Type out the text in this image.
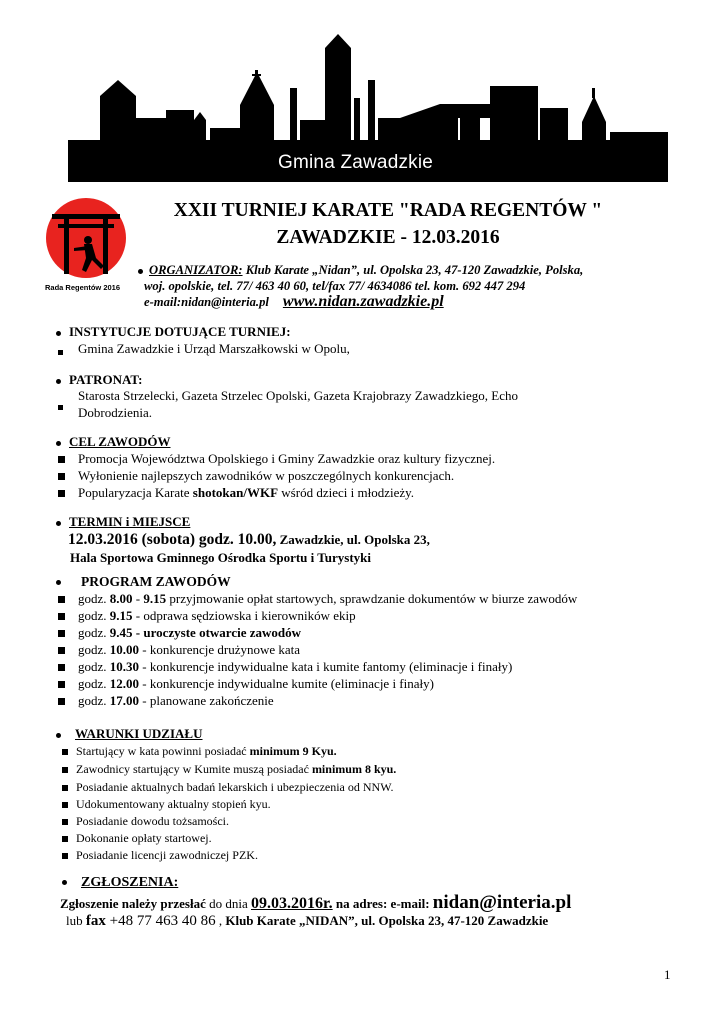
Gmina Zawadzkie
Rada Regentów 2016
XXII TURNIEJ KARATE "RADA REGENTÓW "
ZAWADZKIE - 12.03.2016
ORGANIZATOR: Klub Karate „Nidan”, ul. Opolska 23, 47-120 Zawadzkie, Polska,
woj. opolskie, tel. 77/ 463 40 60, tel/fax 77/ 4634086 tel. kom. 692 447 294
e-mail:nidan@interia.pl www.nidan.zawadzkie.pl
INSTYTUCJE DOTUJĄCE TURNIEJ:
Gmina Zawadzkie i Urząd Marszałkowski w Opolu,
PATRONAT:
Starosta Strzelecki, Gazeta Strzelec Opolski, Gazeta Krajobrazy Zawadzkiego, Echo
Dobrodzienia.
CEL ZAWODÓW
Promocja Województwa Opolskiego i Gminy Zawadzkie oraz kultury fizycznej.
Wyłonienie najlepszych zawodników w poszczególnych konkurencjach.
Popularyzacja Karate shotokan/WKF wśród dzieci i młodzieży.
TERMIN i MIEJSCE
12.03.2016 (sobota) godz. 10.00, Zawadzkie, ul. Opolska 23,
Hala Sportowa Gminnego Ośrodka Sportu i Turystyki
PROGRAM ZAWODÓW
godz. 8.00 - 9.15 przyjmowanie opłat startowych, sprawdzanie dokumentów w biurze zawodów
godz. 9.15 - odprawa sędziowska i kierowników ekip
godz. 9.45 - uroczyste otwarcie zawodów
godz. 10.00 - konkurencje drużynowe kata
godz. 10.30 - konkurencje indywidualne kata i kumite fantomy (eliminacje i finały)
godz. 12.00 - konkurencje indywidualne kumite (eliminacje i finały)
godz. 17.00 - planowane zakończenie
WARUNKI UDZIAŁU
Startujący w kata powinni posiadać minimum 9 Kyu.
Zawodnicy startujący w Kumite muszą posiadać minimum 8 kyu.
Posiadanie aktualnych badań lekarskich i ubezpieczenia od NNW.
Udokumentowany aktualny stopień kyu.
Posiadanie dowodu tożsamości.
Dokonanie opłaty startowej.
Posiadanie licencji zawodniczej PZK.
ZGŁOSZENIA:
Zgłoszenie należy przesłać do dnia 09.03.2016r. na adres: e-mail: nidan@interia.pl
lub fax +48 77 463 40 86 , Klub Karate „NIDAN”, ul. Opolska 23, 47-120 Zawadzkie
1
